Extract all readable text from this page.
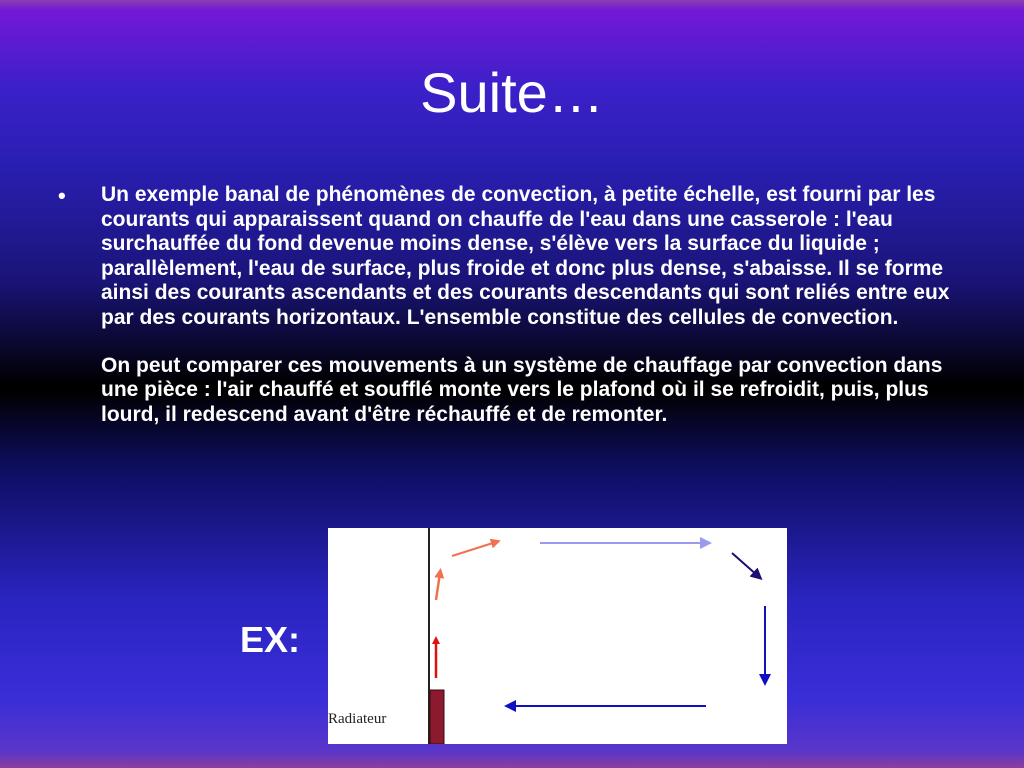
Suite…
• Un exemple banal de phénomènes de convection, à petite échelle, est fourni par les courants qui apparaissent quand on chauffe de l'eau dans une casserole : l'eau surchauffée du fond devenue moins dense, s'élève vers la surface du liquide ; parallèlement, l'eau de surface, plus froide et donc plus dense, s'abaisse. Il se forme ainsi des courants ascendants et des courants descendants qui sont reliés entre eux par des courants horizontaux. L'ensemble constitue des cellules de convection.

On peut comparer ces mouvements à un système de chauffage par convection dans une pièce : l'air chauffé et soufflé monte vers le plafond où il se refroidit, puis, plus lourd, il redescend avant d'être réchauffé et de remonter.

EX:
Radiateur
